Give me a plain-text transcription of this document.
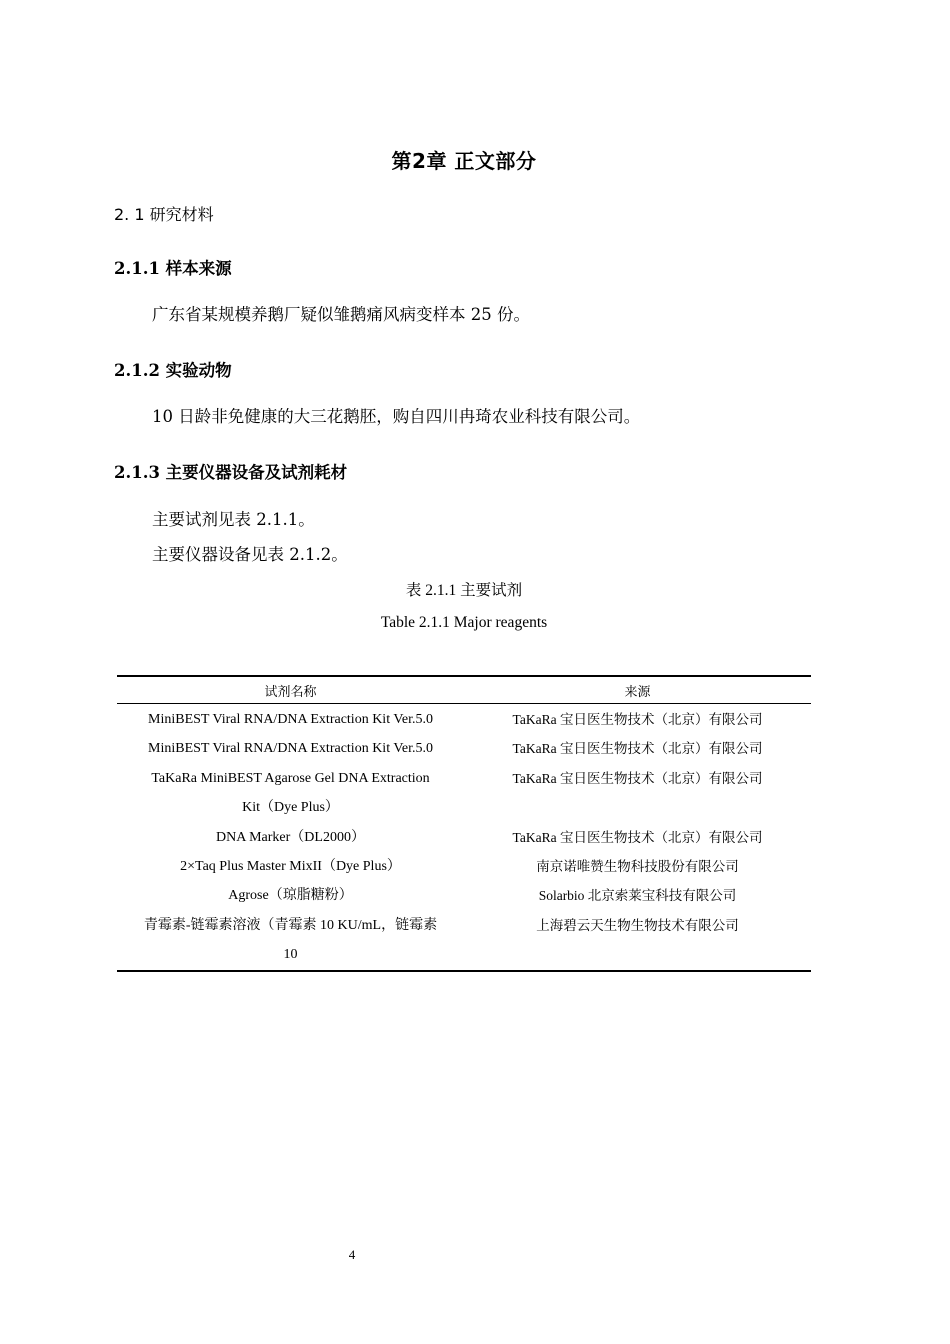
第2章 正文部分
2. 1 研究材料
2.1.1 样本来源
广东省某规模养鹅厂疑似雏鹅痛风病变样本 25 份。
2.1.2 实验动物
10 日龄非免健康的大三花鹅胚，购自四川冉琦农业科技有限公司。
2.1.3 主要仪器设备及试剂耗材
主要试剂见表 2.1.1。
主要仪器设备见表 2.1.2。
表 2.1.1 主要试剂
Table 2.1.1 Major reagents
试剂名称	来源
MiniBEST Viral RNA/DNA Extraction Kit Ver.5.0	TaKaRa 宝日医生物技术（北京）有限公司
MiniBEST Viral RNA/DNA Extraction Kit Ver.5.0	TaKaRa 宝日医生物技术（北京）有限公司
TaKaRa MiniBEST Agarose Gel DNA Extraction	TaKaRa 宝日医生物技术（北京）有限公司
Kit（Dye Plus）	
DNA Marker（DL2000）	TaKaRa 宝日医生物技术（北京）有限公司
2×Taq Plus Master MixII（Dye Plus）	南京诺唯赞生物科技股份有限公司
Agrose（琼脂糖粉）	Solarbio 北京索莱宝科技有限公司
青霉素-链霉素溶液（青霉素 10 KU/mL，链霉素	上海碧云天生物生物技术有限公司
10	
4
